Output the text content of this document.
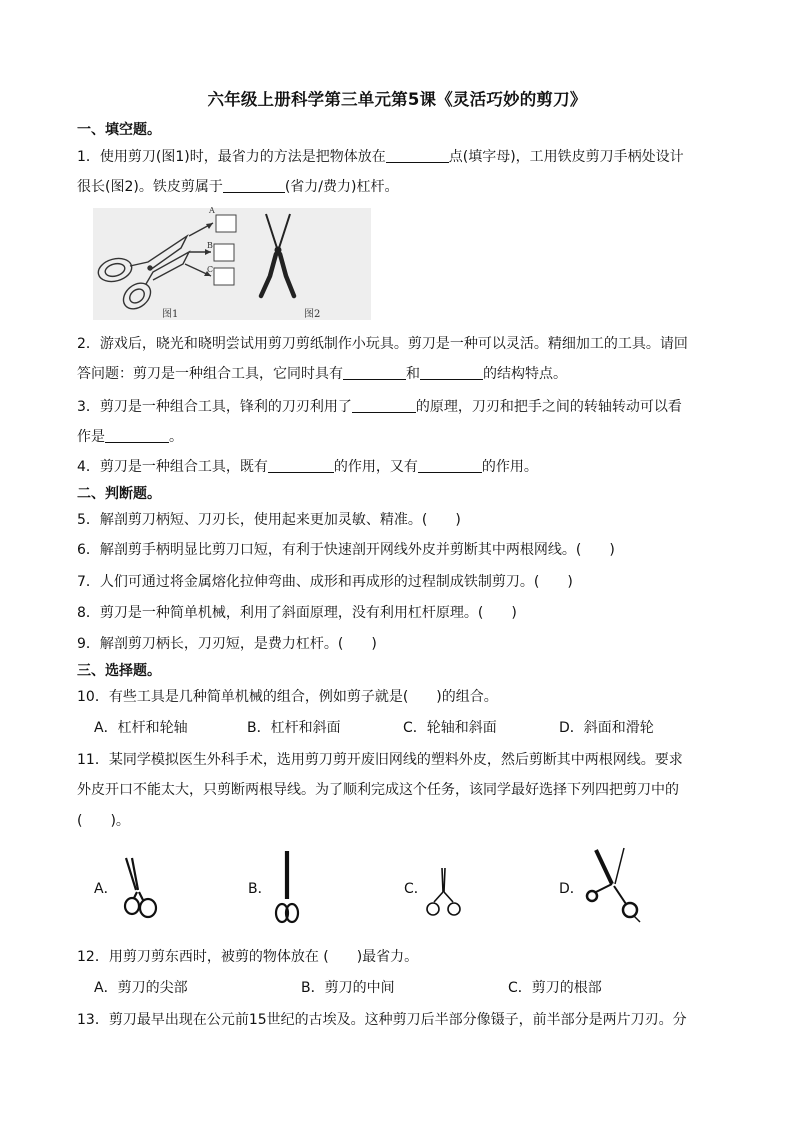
六年级上册科学第三单元第5课《灵活巧妙的剪刀》
一、填空题。
1．使用剪刀(图1)时，最省力的方法是把物体放在	点(填字母)，工用铁皮剪刀手柄处设计
很长(图2)。铁皮剪属于	(省力/费力)杠杆。
A
B
C
图1	图2
2．游戏后，晓光和晓明尝试用剪刀剪纸制作小玩具。剪刀是一种可以灵活。精细加工的工具。请回
答问题：剪刀是一种组合工具，它同时具有	和	的结构特点。
3．剪刀是一种组合工具，锋利的刀刃利用了	的原理，刀刃和把手之间的转轴转动可以看
作是	。
4．剪刀是一种组合工具，既有	的作用，又有	的作用。
二、判断题。
5．解剖剪刀柄短、刀刃长，使用起来更加灵敏、精准。(　　)
6．解剖剪手柄明显比剪刀口短，有利于快速剖开网线外皮并剪断其中两根网线。(　　)
7．人们可通过将金属熔化拉伸弯曲、成形和再成形的过程制成铁制剪刀。(　　)
8．剪刀是一种简单机械，利用了斜面原理，没有利用杠杆原理。(　　)
9．解剖剪刀柄长，刀刃短，是费力杠杆。(　　)
三、选择题。
10．有些工具是几种简单机械的组合，例如剪子就是(　　)的组合。
A．杠杆和轮轴	B．杠杆和斜面	C．轮轴和斜面	D．斜面和滑轮
11．某同学模拟医生外科手术，选用剪刀剪开废旧网线的塑料外皮，然后剪断其中两根网线。要求
外皮开口不能太大，只剪断两根导线。为了顺利完成这个任务，该同学最好选择下列四把剪刀中的
(　　)。
A．	B．	C．	D．
12．用剪刀剪东西时，被剪的物体放在 (　　)最省力。
A．剪刀的尖部	B．剪刀的中间	C．剪刀的根部
13．剪刀最早出现在公元前15世纪的古埃及。这种剪刀后半部分像镊子，前半部分是两片刀刃。分
